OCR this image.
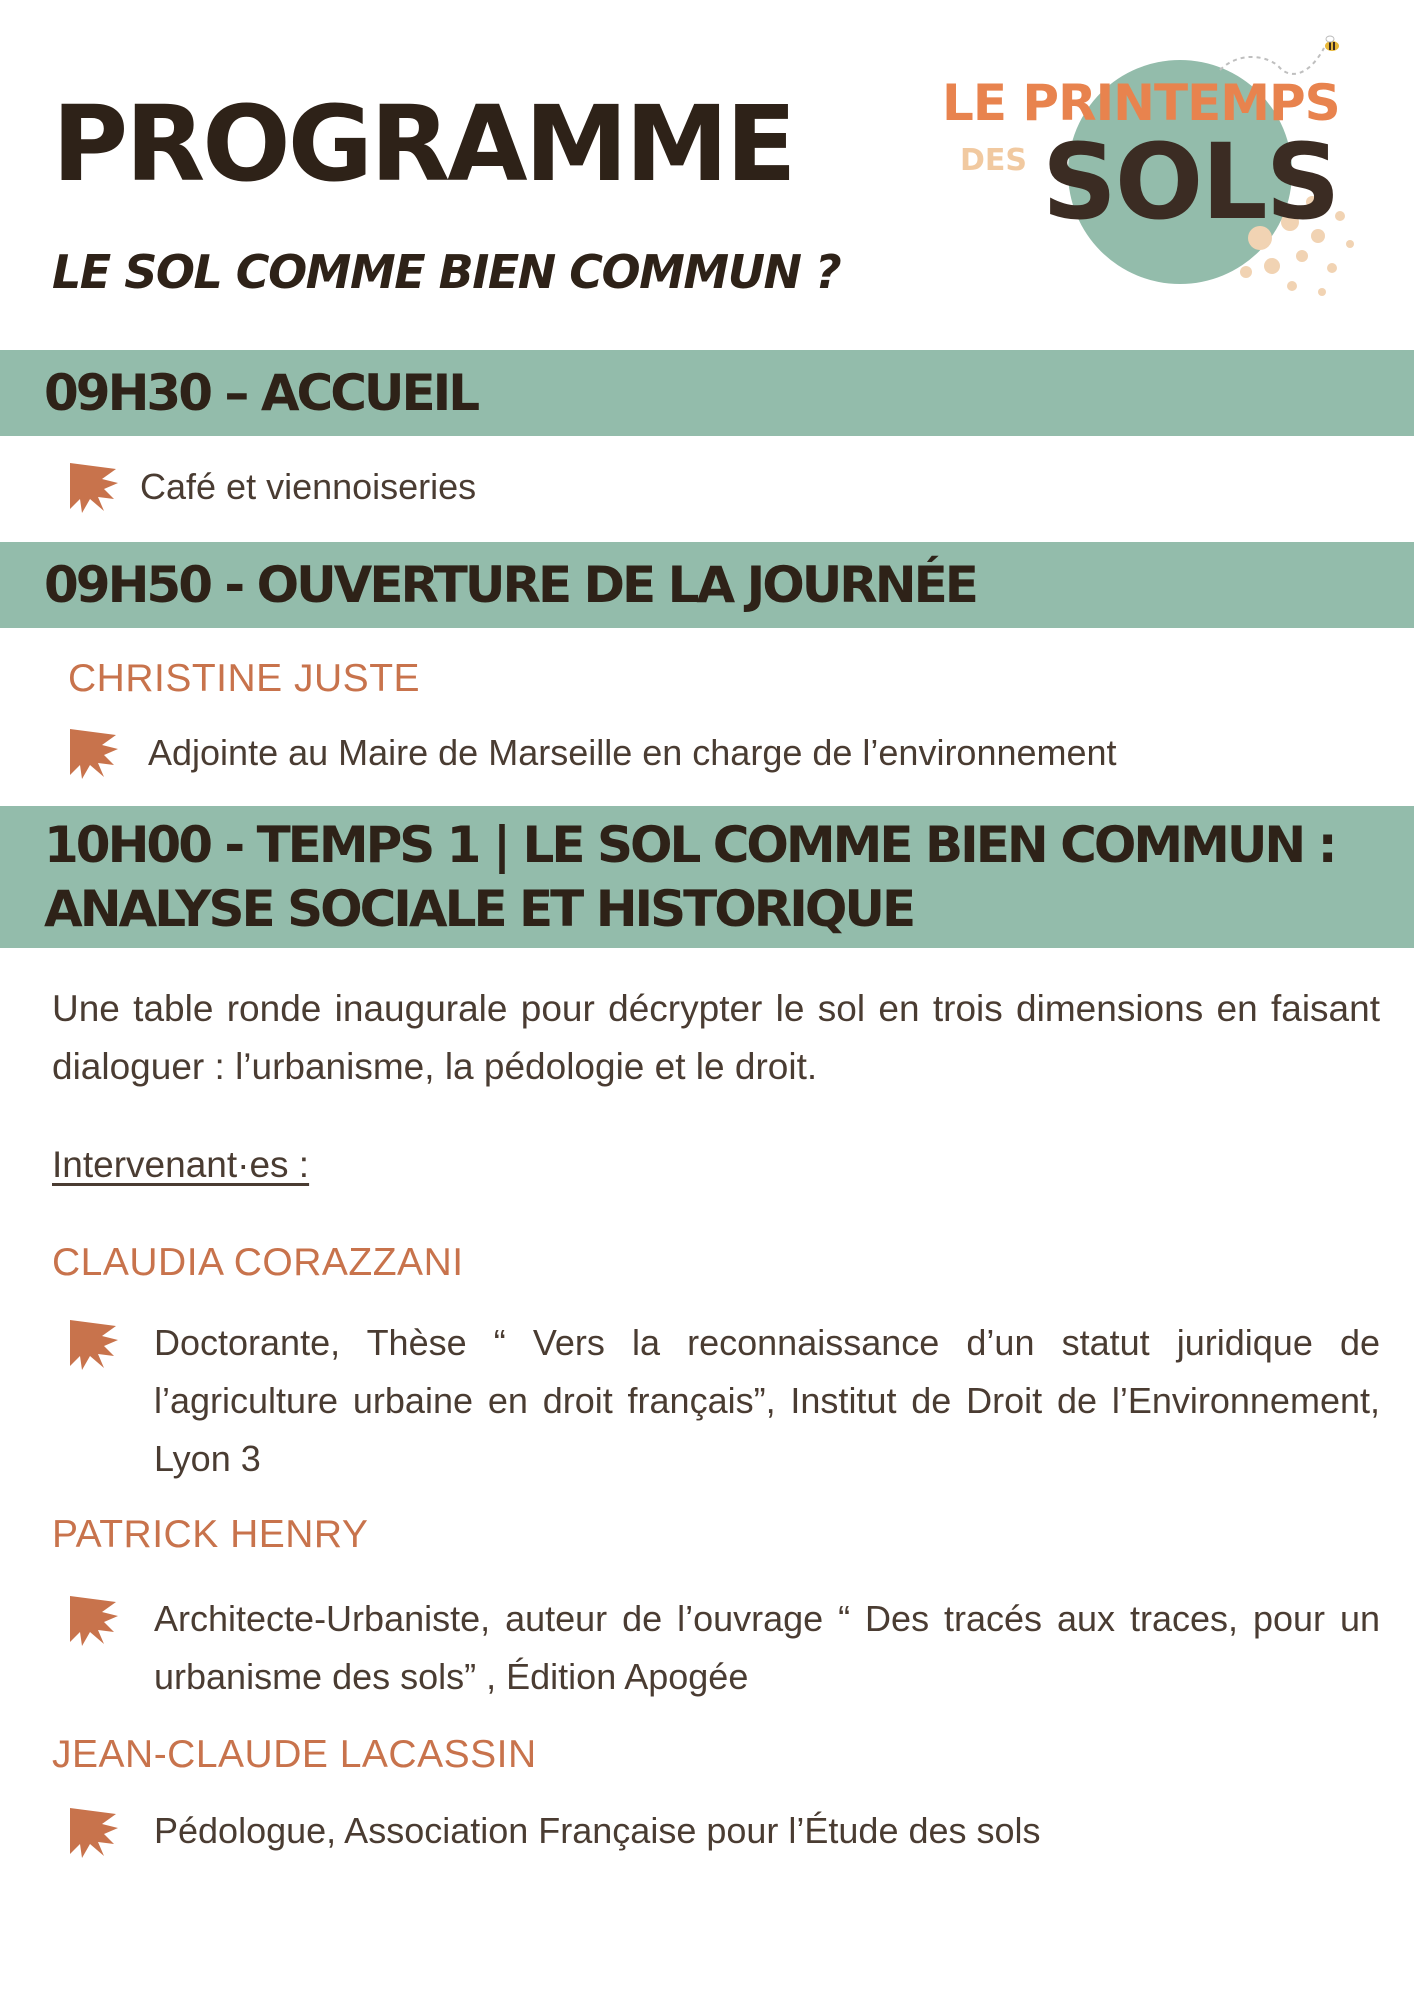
PROGRAMME
LE SOL COMME BIEN COMMUN ?
LE PRINTEMPS
DES SOLS
09H30 – ACCUEIL
Café et viennoiseries
09H50 - OUVERTURE DE LA JOURNÉE
CHRISTINE JUSTE
Adjointe au Maire de Marseille en charge de l’environnement
10H00 - TEMPS 1 | LE SOL COMME BIEN COMMUN :
ANALYSE SOCIALE ET HISTORIQUE
Une table ronde inaugurale pour décrypter le sol en trois dimensions en faisant dialoguer : l’urbanisme, la pédologie et le droit.
Intervenant·es :
CLAUDIA CORAZZANI
Doctorante, Thèse “ Vers la reconnaissance d’un statut juridique de l’agriculture urbaine en droit français”, Institut de Droit de l’Environnement, Lyon 3
PATRICK HENRY
Architecte-Urbaniste, auteur de l’ouvrage “ Des tracés aux traces, pour un urbanisme des sols” , Édition Apogée
JEAN-CLAUDE LACASSIN
Pédologue, Association Française pour l’Étude des sols
